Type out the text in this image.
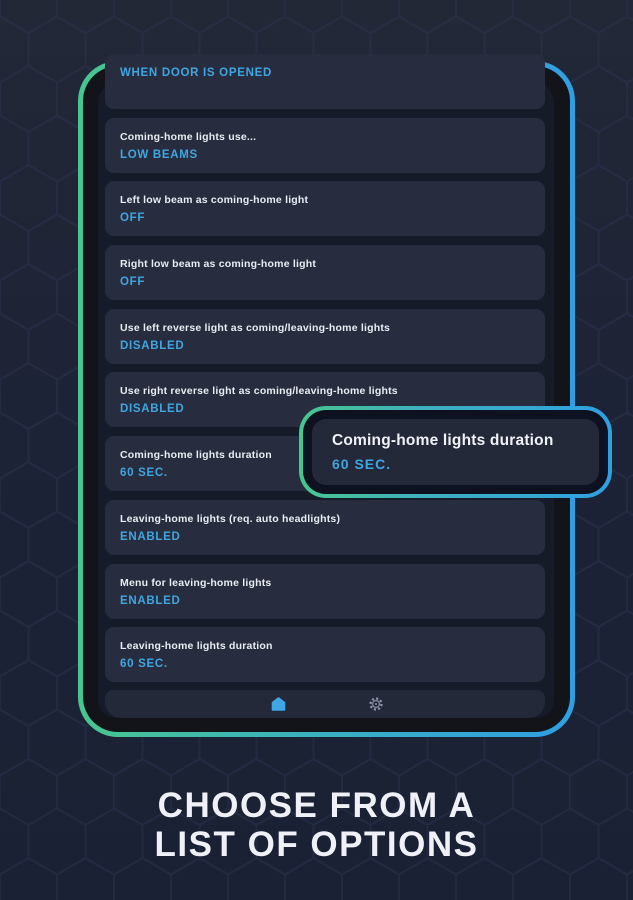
WHEN DOOR IS OPENED
Coming-home lights use...
LOW BEAMS
Left low beam as coming-home light
OFF
Right low beam as coming-home light
OFF
Use left reverse light as coming/leaving-home lights
DISABLED
Use right reverse light as coming/leaving-home lights
DISABLED
Coming-home lights duration
60 SEC.
Leaving-home lights (req. auto headlights)
ENABLED
Menu for leaving-home lights
ENABLED
Leaving-home lights duration
60 SEC.
Coming-home lights duration
60 SEC.
CHOOSE FROM A
LIST OF OPTIONS
